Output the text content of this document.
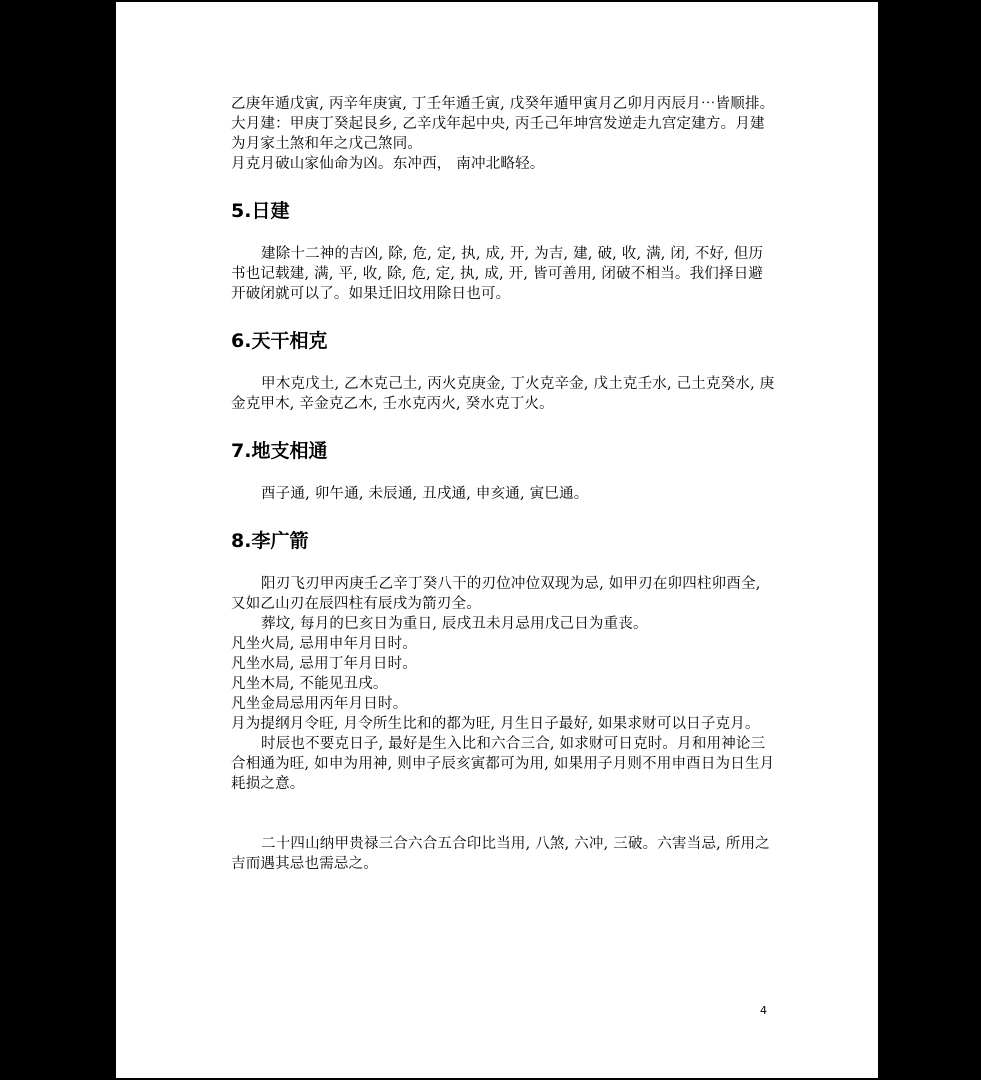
乙庚年遁戊寅, 丙辛年庚寅, 丁壬年遁壬寅, 戊癸年遁甲寅月乙卯月丙辰月⋯皆顺排。

大月建：甲庚丁癸起艮乡, 乙辛戊年起中央, 丙壬己年坤宫发逆走九宫定建方。月建为月家土煞和年之戊己煞同。

月克月破山家仙命为凶。东冲西， 南冲北略轻。

5.日建

建除十二神的吉凶, 除, 危, 定, 执, 成, 开, 为吉, 建, 破, 收, 满, 闭, 不好, 但历书也记载建, 满, 平, 收, 除, 危, 定, 执, 成, 开, 皆可善用, 闭破不相当。我们择日避开破闭就可以了。如果迁旧坟用除日也可。

6.天干相克

甲木克戊土, 乙木克己土, 丙火克庚金, 丁火克辛金, 戊土克壬水, 己土克癸水, 庚金克甲木, 辛金克乙木, 壬水克丙火, 癸水克丁火。

7.地支相通

酉子通, 卯午通, 未辰通, 丑戌通, 申亥通, 寅巳通。

8.李广箭

阳刃飞刃甲丙庚壬乙辛丁癸八干的刃位冲位双现为忌, 如甲刃在卯四柱卯酉全, 又如乙山刃在辰四柱有辰戌为箭刃全。

葬坟, 每月的巳亥日为重日, 辰戌丑未月忌用戊己日为重丧。

凡坐火局, 忌用申年月日时。

凡坐水局, 忌用丁年月日时。

凡坐木局, 不能见丑戌。

凡坐金局忌用丙年月日时。

月为提纲月令旺, 月令所生比和的都为旺, 月生日子最好, 如果求财可以日子克月。

时辰也不要克日子, 最好是生入比和六合三合, 如求财可日克时。月和用神论三合相通为旺, 如申为用神, 则申子辰亥寅都可为用, 如果用子月则不用申酉日为日生月耗损之意。

二十四山纳甲贵禄三合六合五合印比当用, 八煞, 六冲, 三破。六害当忌, 所用之吉而遇其忌也需忌之。

4
